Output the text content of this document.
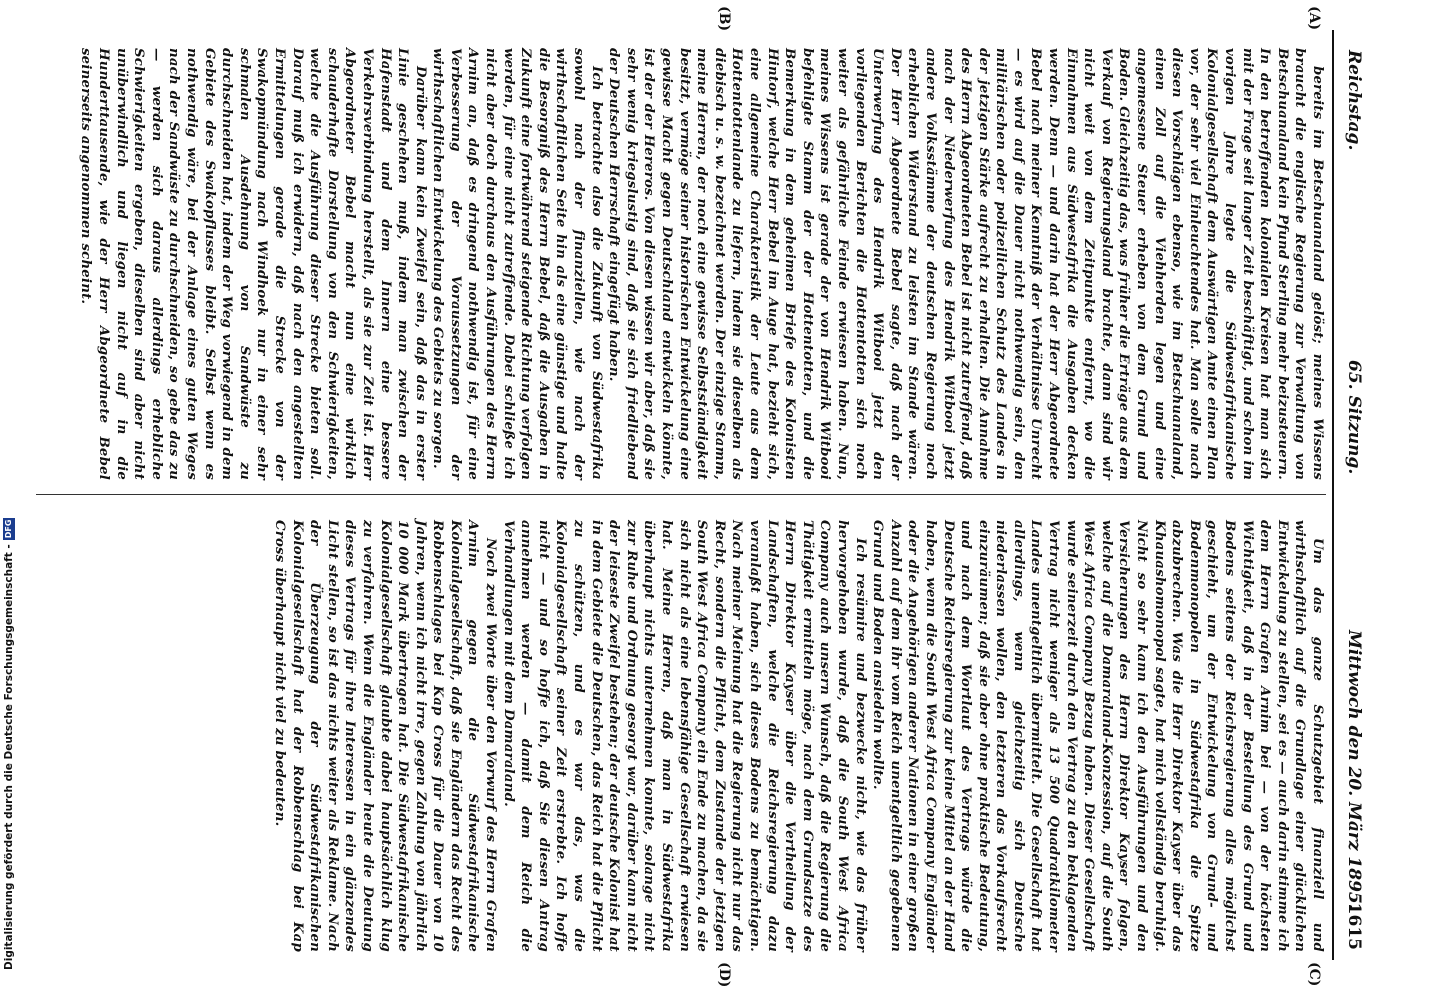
Digitalisierung gefördert durch die Deutsche Forschungsgemeinschaft -DFG
Reichstag.
65. Sitzung.
Mittwoch den 20. März 1895.
1615
(A)
(B)
(C)
(D)

bereits im Betschuanaland gelöst; meines Wissens braucht die englische Regierung zur Verwaltung von Betschuanaland kein Pfund Sterling mehr beizusteuern. In den betreffenden kolonialen Kreisen hat man sich mit der Frage seit langer Zeit beschäftigt, und schon im vorigen Jahre legte die Südwestafrikanische Kolonialgesellschaft dem Auswärtigen Amte einen Plan vor, der sehr viel Einleuchtendes hat. Man solle nach diesen Vorschlägen ebenso, wie im Betschuanaland, einen Zoll auf die Viehherden legen und eine angemessene Steuer erheben von dem Grund und Boden. Gleichzeitig das, was früher die Erträge aus dem Verkauf von Regierungsland brachte, dann sind wir nicht weit von dem Zeitpunkte entfernt, wo die Einnahmen aus Südwestafrika die Ausgaben decken werden. Denn — und darin hat der Herr Abgeordnete Bebel nach meiner Kenntniß der Verhältnisse Unrecht — es wird auf die Dauer nicht nothwendig sein, den militärischen oder polizeilichen Schutz des Landes in der jetzigen Stärke aufrecht zu erhalten. Die Annahme des Herrn Abgeordneten Bebel ist nicht zutreffend, daß nach der Niederwerfung des Hendrik Witbooi jetzt andere Volksstämme der deutschen Regierung noch erheblichen Widerstand zu leisten im Stande wären. Der Herr Abgeordnete Bebel sagte, daß nach der Unterwerfung des Hendrik Witbooi jetzt den vorliegenden Berichten die Hottentotten sich noch weiter als gefährliche Feinde erwiesen haben. Nun, meines Wissens ist gerade der von Hendrik Witbooi befehligte Stamm der der Hottentotten, und die Bemerkung in dem geheimen Briefe des Kolonisten Hintorf, welche Herr Bebel im Auge hat, bezieht sich, eine allgemeine Charakteristik der Leute aus dem Hottentottenlande zu liefern, indem sie dieselben als diebisch u. s. w. bezeichnet werden. Der einzige Stamm, meine Herren, der noch eine gewisse Selbstständigkeit besitzt, vermöge seiner historischen Entwickelung eine gewisse Macht gegen Deutschland entwickeln könnte, ist der der Hereros. Von diesen wissen wir aber, daß sie sehr wenig kriegslustig sind, daß sie sich friedliebend der Deutschen Herrschaft eingefügt haben.

Ich betrachte also die Zukunft von Südwestafrika sowohl nach der finanziellen, wie nach der wirthschaftlichen Seite hin als eine günstige und halte die Besorgniß des Herrn Bebel, daß die Ausgaben in Zukunft eine fortwährend steigende Richtung verfolgen werden, für eine nicht zutreffende. Dabei schließe ich nicht aber doch durchaus den Ausführungen des Herrn Arnim an, daß es dringend nothwendig ist, für eine Verbesserung der Voraussetzungen der wirthschaftlichen Entwickelung des Gebiets zu sorgen.

Darüber kann kein Zweifel sein, daß das in erster Linie geschehen muß, indem man zwischen der Hafenstadt und dem Innern eine bessere Verkehrsverbindung herstellt, als sie zur Zeit ist. Herr Abgeordneter Bebel macht nun eine wirklich schauderhafte Darstellung von den Schwierigkeiten, welche die Ausführung dieser Strecke bieten soll. Darauf muß ich erwidern, daß nach den angestellten Ermittelungen gerade die Strecke von der Swakopmündung nach Windhoek nur in einer sehr schmalen Ausdehnung von Sandwüste zu durchschneiden hat, indem der Weg vorwiegend in dem Gebiete des Swakopflusses bleibt. Selbst wenn es nothwendig wäre, bei der Anlage eines guten Weges nach der Sandwüste zu durchschneiden, so gebe das zu — werden sich daraus allerdings erhebliche Schwierigkeiten ergeben, dieselben sind aber nicht unüberwindlich und liegen nicht auf in die Hunderttausende, wie der Herr Abgeordnete Bebel seinerseits angenommen scheint.

Um das ganze Schutzgebiet finanziell und wirthschaftlich auf die Grundlage einer glücklichen Entwickelung zu stellen, sei es — auch darin stimme ich dem Herrn Grafen Arnim bei — von der höchsten Wichtigkeit, daß in der Bestellung des Grund und Bodens seitens der Reichsregierung alles möglichst geschieht, um der Entwickelung von Grund- und Bodenmonopolen in Südwestafrika die Spitze abzubrechen. Was die Herr Direktor Kayser über das Khauashomonopol sagte, hat mich vollständig beruhigt. Nicht so sehr kann ich den Ausführungen und den Versicherungen des Herrn Direktor Kayser folgen, welche auf die Damaraland-Konzession, auf die South West Africa Company Bezug haben. Dieser Gesellschaft wurde seinerzeit durch den Vertrag zu den beklagenden Vertrag nicht weniger als 13 500 Quadratkilometer Landes unentgeltlich übermittelt. Die Gesellschaft hat allerdings, wenn gleichzeitig sich Deutsche niederlassen wollen, den letzteren das Vorkaufsrecht einzuräumen; daß sie aber ohne praktische Bedeutung, und nach dem Wortlaut des Vertrags würde die Deutsche Reichsregierung zur keine Mittel an der Hand haben, wenn die South West Africa Company Engländer oder die Angehörigen anderer Nationen in einer großen Anzahl auf dem ihr vom Reich unentgeltlich gegebenen Grund und Boden ansiedeln wollte.

Ich resümire und bezwecke nicht, wie das früher hervorgehoben wurde, daß die South West Africa Company auch unsern Wunsch, daß die Regierung die Thätigkeit ermitteln möge, nach dem Grundsatze des Herrn Direktor Kayser über die Vertheilung der Landschaften, welche die Reichsregierung dazu veranlaßt haben, sich dieses Bodens zu bemächtigen. Nach meiner Meinung hat die Regierung nicht nur das Recht, sondern die Pflicht, dem Zustande der jetzigen South West Africa Company ein Ende zu machen, da sie sich nicht als eine lebensfähige Gesellschaft erwiesen hat. Meine Herren, daß man in Südwestafrika überhaupt nichts unternehmen konnte, solange nicht zur Ruhe und Ordnung gesorgt war, darüber kann nicht der leiseste Zweifel bestehen; der deutsche Kolonist hat in dem Gebiete die Deutschen, das Reich hat die Pflicht zu schützen, und es war das, was die Kolonialgesellschaft seiner Zeit erstrebte. Ich hoffe nicht — und so hoffe ich, daß Sie diesen Antrag annehmen werden — damit dem Reich die Verhandlungen mit dem Damaraland.

Noch zwei Worte über den Vorwurf des Herrn Grafen Arnim gegen die Südwestafrikanische Kolonialgesellschaft, daß sie Engländern das Recht des Robbenschlages bei Kap Cross für die Dauer von 10 Jahren, wenn ich nicht irre, gegen Zahlung von jährlich 10 000 Mark übertragen hat. Die Südwestafrikanische Kolonialgesellschaft glaubte dabei hauptsächlich klug zu verfahren. Wenn die Engländer heute die Deutung dieses Vertrags für ihre Interessen in ein glänzendes Licht stellen, so ist das nichts weiter als Reklame. Nach der Überzeugung der Südwestafrikanischen Kolonialgesellschaft hat der Robbenschlag bei Kap Cross überhaupt nicht viel zu bedeuten.
